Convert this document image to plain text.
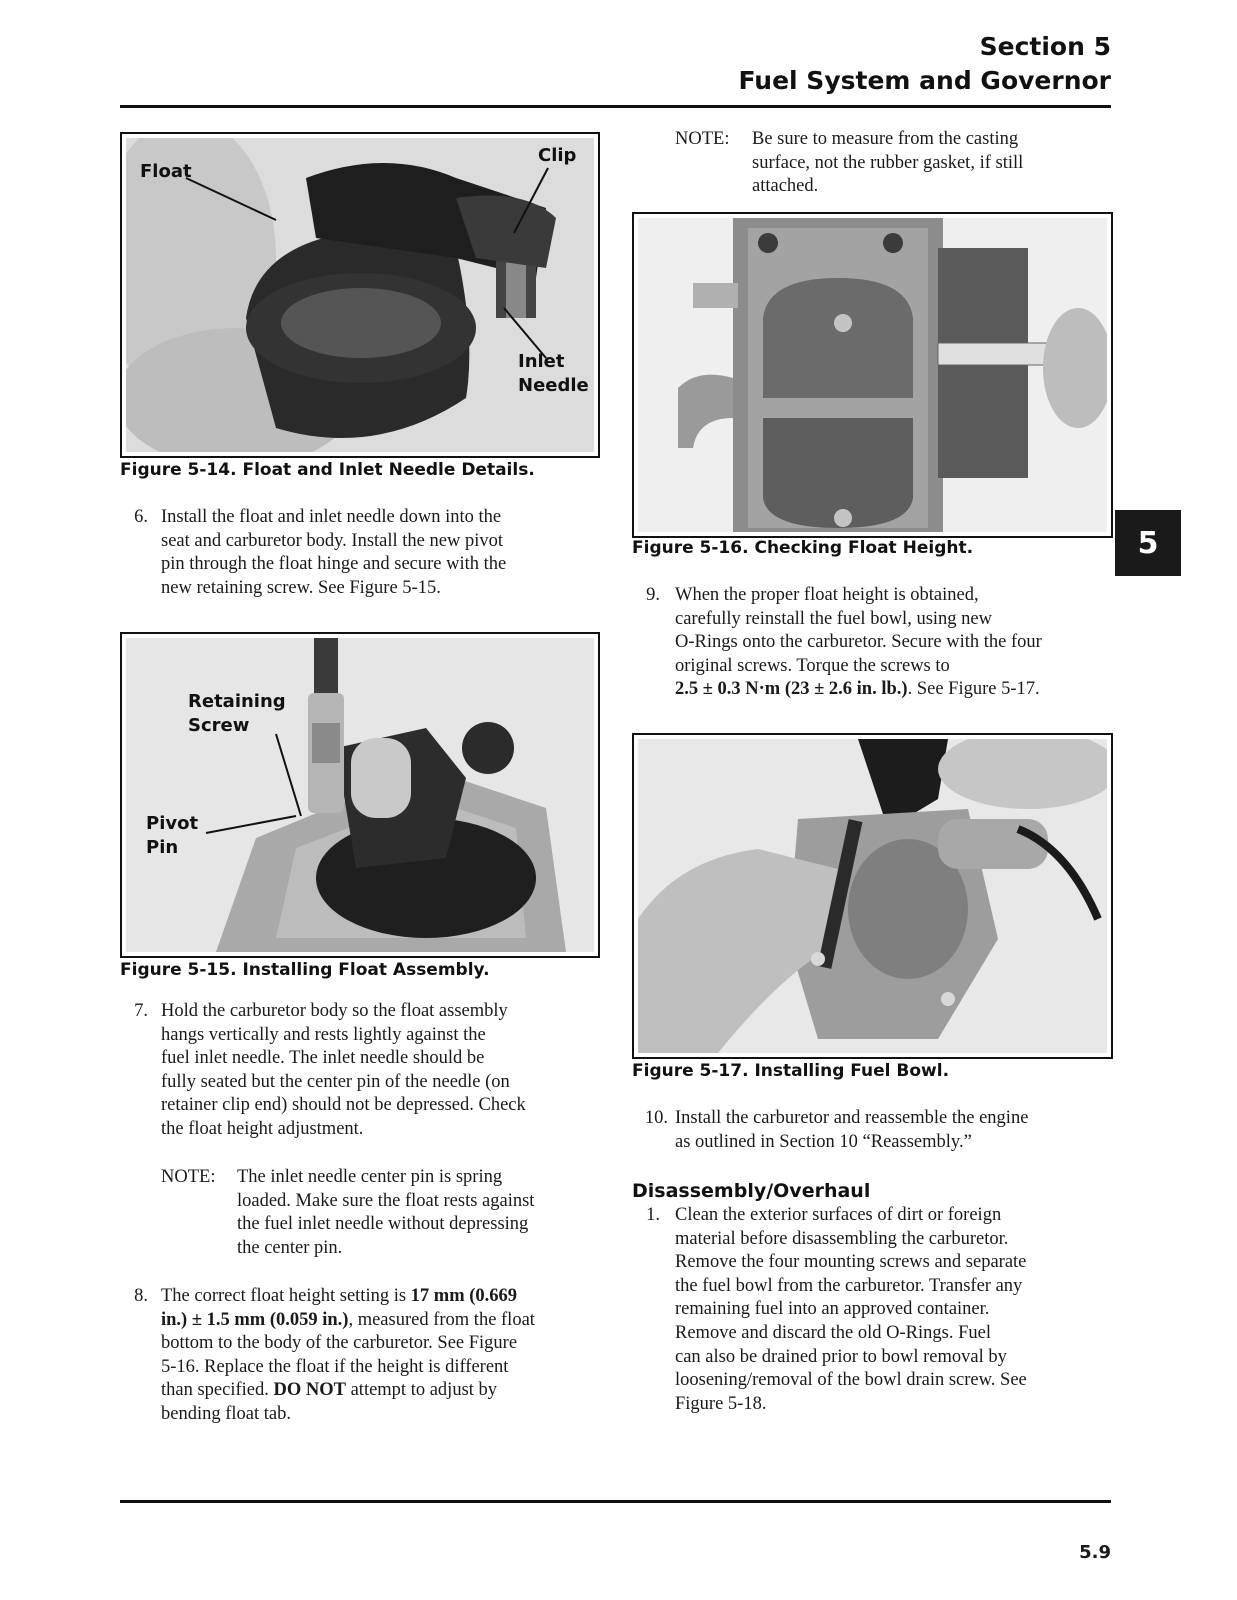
Section 5
Fuel System and Governor
5
Float
Clip
Inlet
Needle
Figure 5-14. Float and Inlet Needle Details.
6. Install the float and inlet needle down into the
seat and carburetor body. Install the new pivot
pin through the float hinge and secure with the
new retaining screw. See Figure 5-15.
Retaining
Screw
Pivot
Pin
Figure 5-15. Installing Float Assembly.
7. Hold the carburetor body so the float assembly
hangs vertically and rests lightly against the
fuel inlet needle. The inlet needle should be
fully seated but the center pin of the needle (on
retainer clip end) should not be depressed. Check
the float height adjustment.
NOTE: The inlet needle center pin is spring
loaded. Make sure the float rests against
the fuel inlet needle without depressing
the center pin.
8. The correct float height setting is 17 mm (0.669
in.) ± 1.5 mm (0.059 in.), measured from the float
bottom to the body of the carburetor. See Figure
5-16. Replace the float if the height is different
than specified. DO NOT attempt to adjust by
bending float tab.
NOTE: Be sure to measure from the casting
surface, not the rubber gasket, if still
attached.
Figure 5-16. Checking Float Height.
9. When the proper float height is obtained,
carefully reinstall the fuel bowl, using new
O-Rings onto the carburetor. Secure with the four
original screws. Torque the screws to
2.5 ± 0.3 N·m (23 ± 2.6 in. lb.). See Figure 5-17.
Figure 5-17. Installing Fuel Bowl.
10. Install the carburetor and reassemble the engine
as outlined in Section 10 “Reassembly.”
Disassembly/Overhaul
1. Clean the exterior surfaces of dirt or foreign
material before disassembling the carburetor.
Remove the four mounting screws and separate
the fuel bowl from the carburetor. Transfer any
remaining fuel into an approved container.
Remove and discard the old O-Rings. Fuel
can also be drained prior to bowl removal by
loosening/removal of the bowl drain screw. See
Figure 5-18.
5.9
